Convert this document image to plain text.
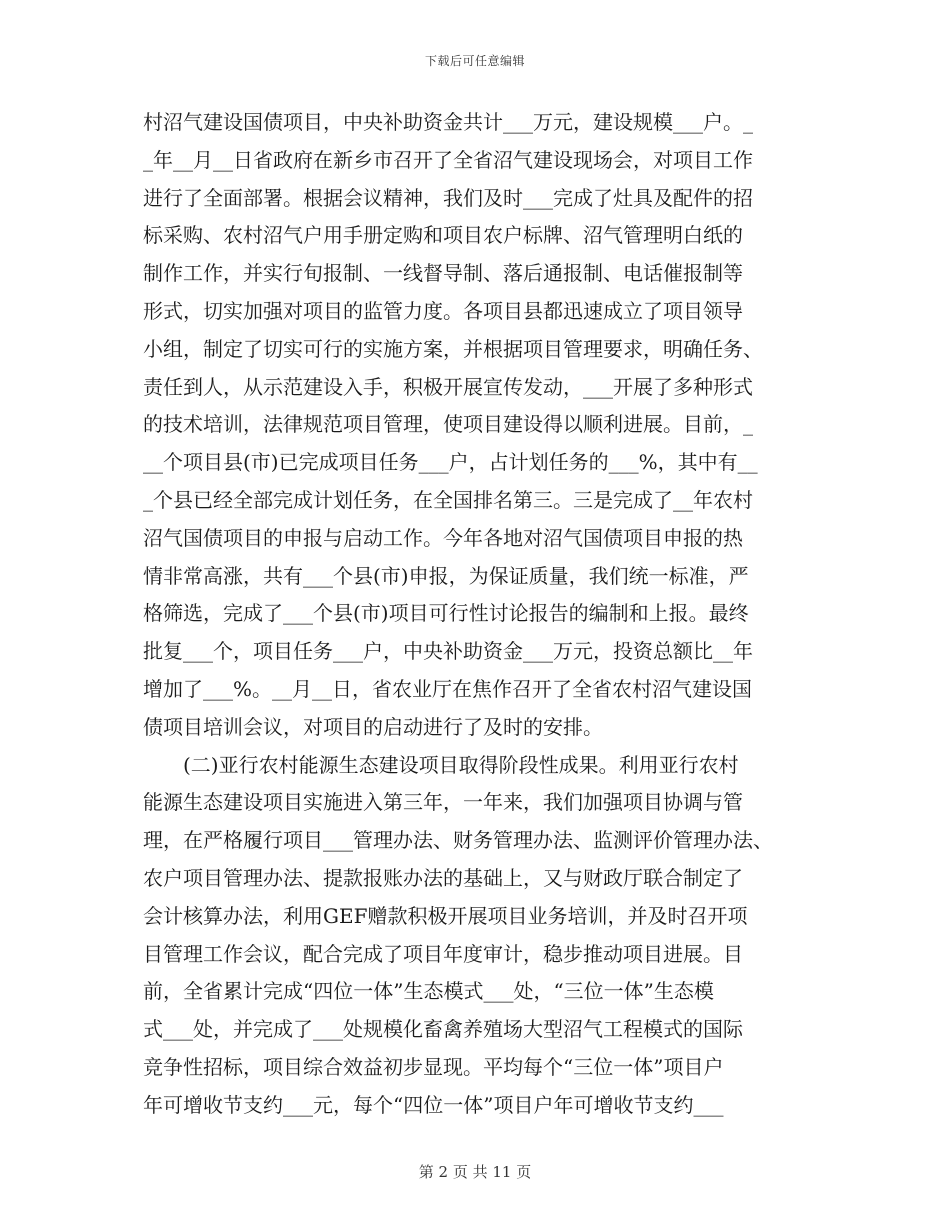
下载后可任意编辑
村沼气建设国债项目，中央补助资金共计___万元，建设规模___户。_
_年__月__日省政府在新乡市召开了全省沼气建设现场会，对项目工作
进行了全面部署。根据会议精神，我们及时___完成了灶具及配件的招
标采购、农村沼气户用手册定购和项目农户标牌、沼气管理明白纸的
制作工作，并实行旬报制、一线督导制、落后通报制、电话催报制等
形式，切实加强对项目的监管力度。各项目县都迅速成立了项目领导
小组，制定了切实可行的实施方案，并根据项目管理要求，明确任务、
责任到人，从示范建设入手，积极开展宣传发动，___开展了多种形式
的技术培训，法律规范项目管理，使项目建设得以顺利进展。目前，_
__个项目县(市)已完成项目任务___户，占计划任务的___%，其中有__
_个县已经全部完成计划任务，在全国排名第三。三是完成了__年农村
沼气国债项目的申报与启动工作。今年各地对沼气国债项目申报的热
情非常高涨，共有___个县(市)申报，为保证质量，我们统一标准，严
格筛选，完成了___个县(市)项目可行性讨论报告的编制和上报。最终
批复___个，项目任务___户，中央补助资金___万元，投资总额比__年
增加了___%。__月__日，省农业厅在焦作召开了全省农村沼气建设国
债项目培训会议，对项目的启动进行了及时的安排。
(二)亚行农村能源生态建设项目取得阶段性成果。利用亚行农村
能源生态建设项目实施进入第三年，一年来，我们加强项目协调与管
理，在严格履行项目___管理办法、财务管理办法、监测评价管理办法、
农户项目管理办法、提款报账办法的基础上，又与财政厅联合制定了
会计核算办法，利用GEF赠款积极开展项目业务培训，并及时召开项
目管理工作会议，配合完成了项目年度审计，稳步推动项目进展。目
前，全省累计完成“四位一体”生态模式___处，“三位一体”生态模
式___处，并完成了___处规模化畜禽养殖场大型沼气工程模式的国际
竞争性招标，项目综合效益初步显现。平均每个“三位一体”项目户
年可增收节支约___元，每个“四位一体”项目户年可增收节支约___
第 2 页 共 11 页
